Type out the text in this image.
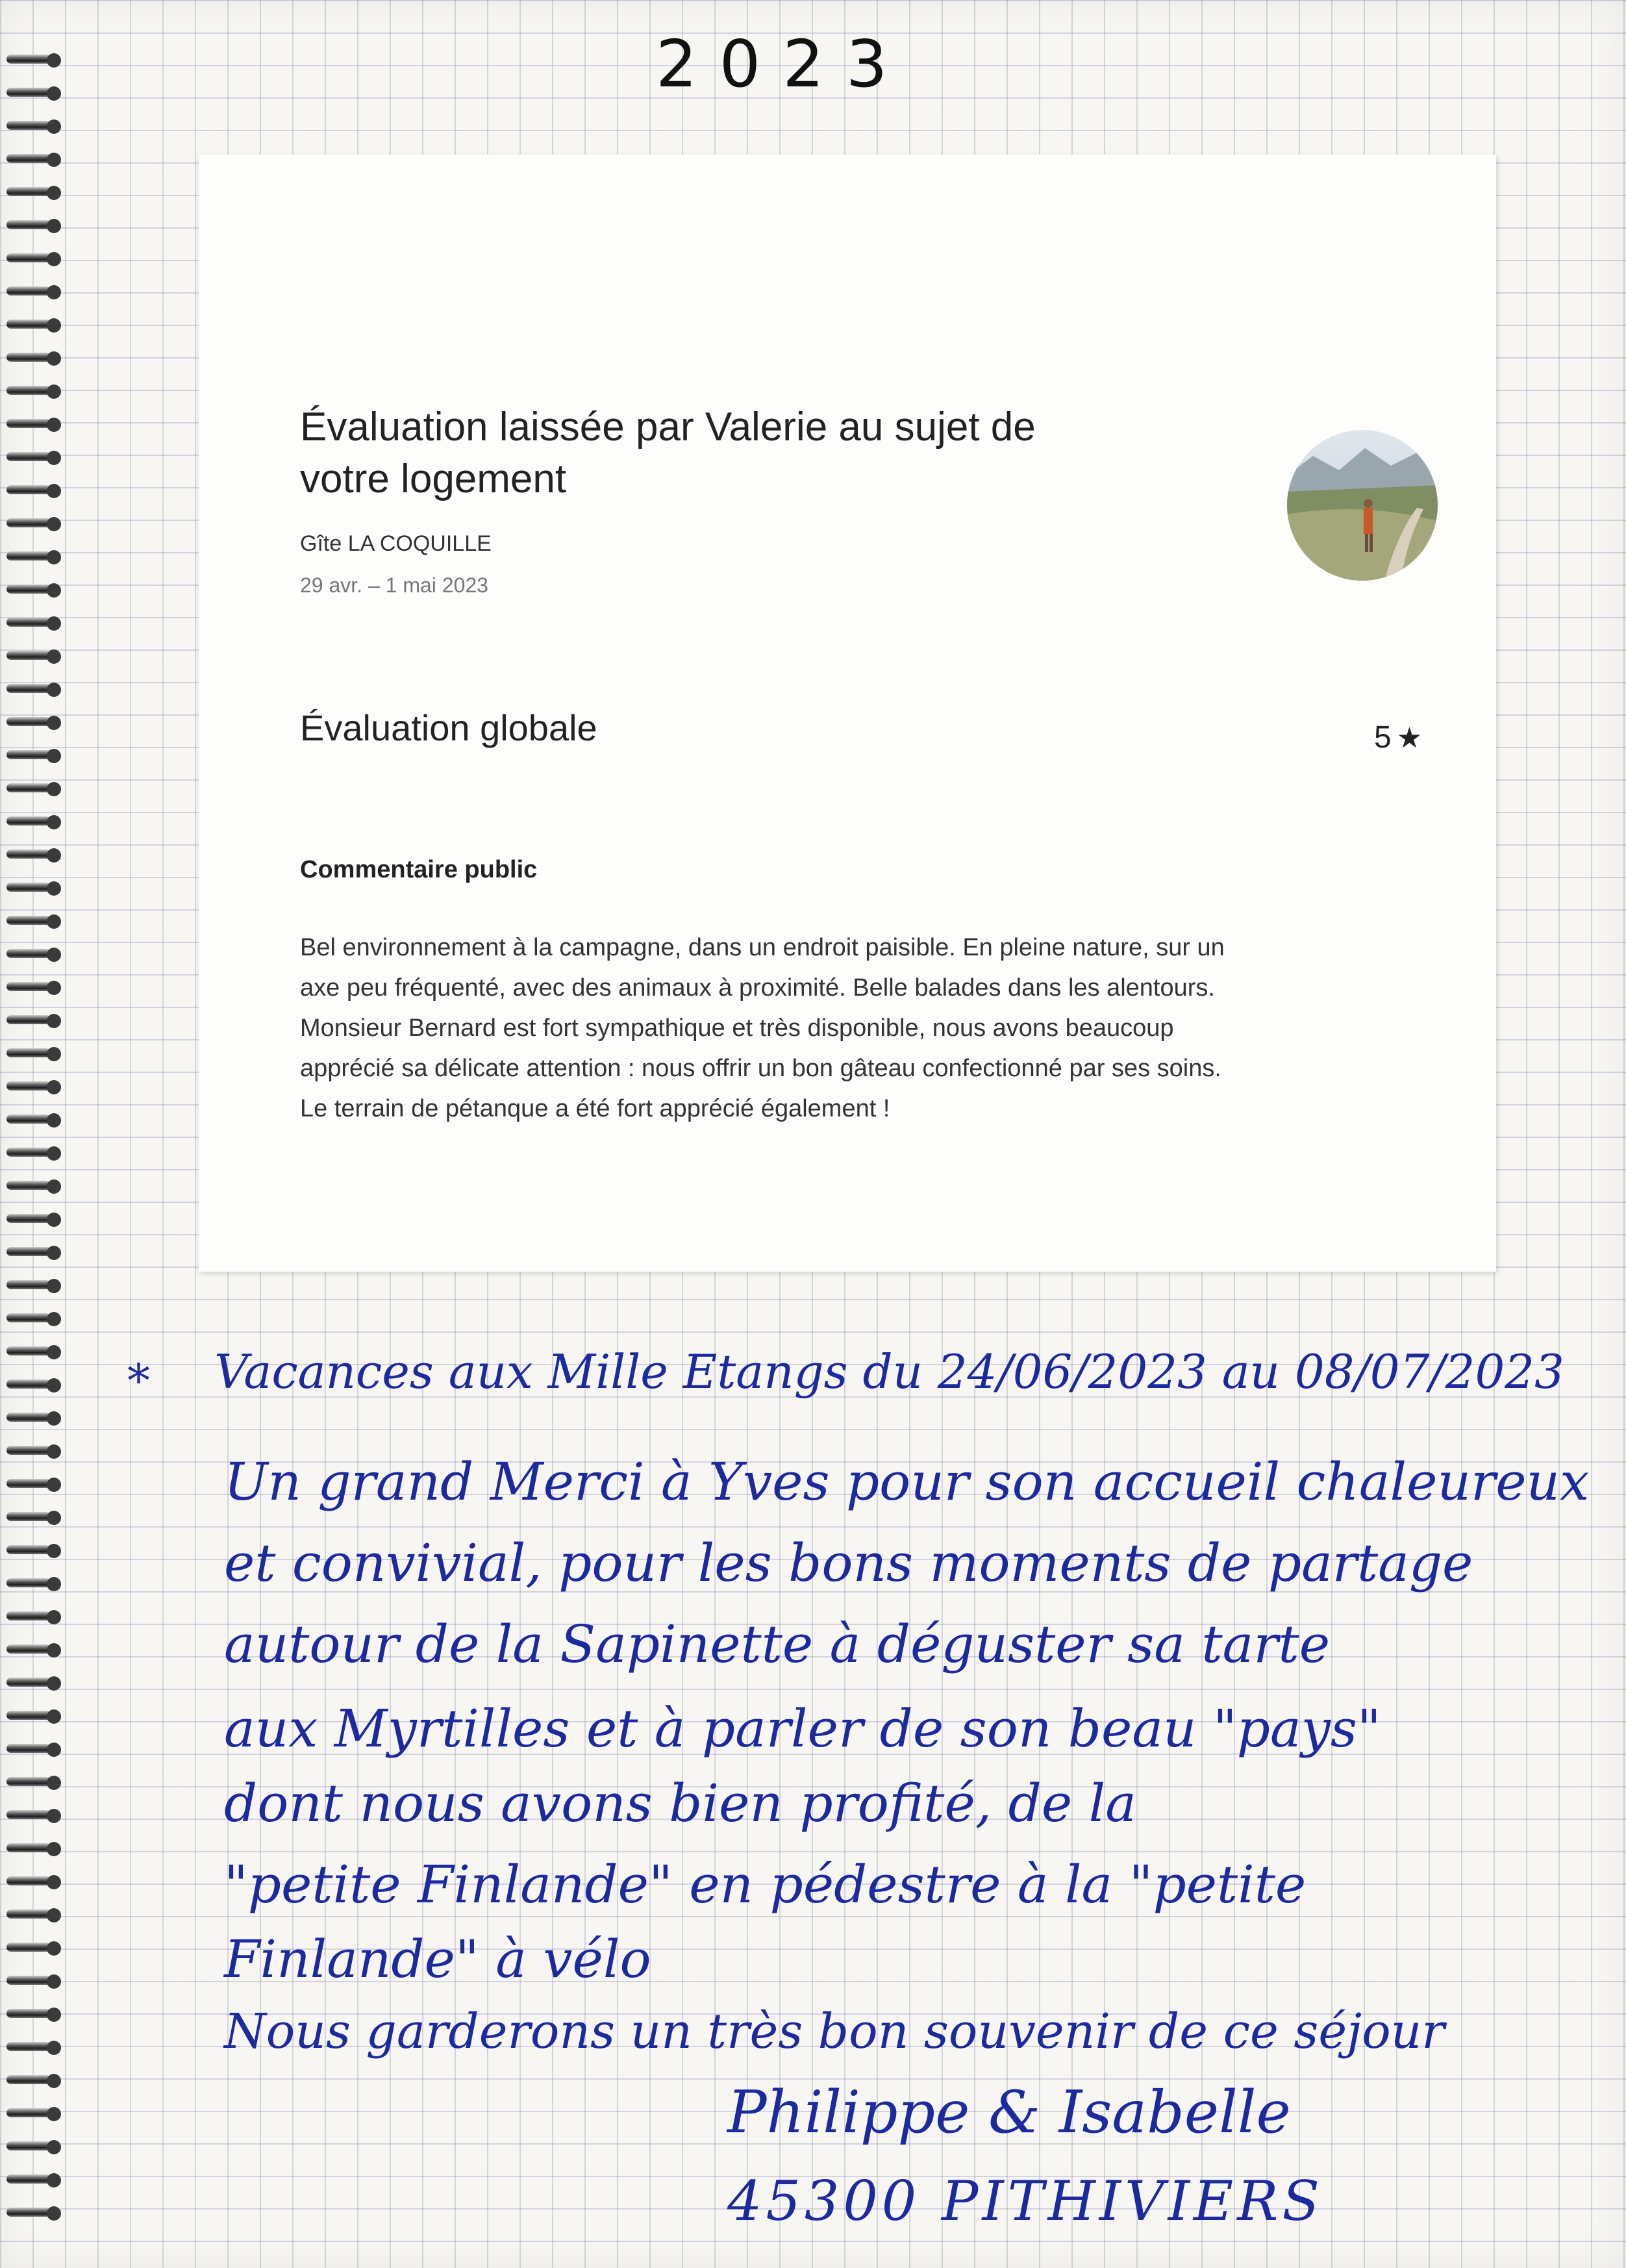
2023
Évaluation laissée par Valerie au sujet de
votre logement
Gîte LA COQUILLE
29 avr. – 1 mai 2023
Évaluation globale	5 ★
Commentaire public

Bel environnement à la campagne, dans un endroit paisible. En pleine nature, sur un

axe peu fréquenté, avec des animaux à proximité. Belle balades dans les alentours.

Monsieur Bernard est fort sympathique et très disponible, nous avons beaucoup

apprécié sa délicate attention : nous offrir un bon gâteau confectionné par ses soins.

Le terrain de pétanque a été fort apprécié également !

* Vacances aux Mille Etangs du 24/06/2023 au 08/07/2023
Un grand Merci à Yves pour son accueil chaleureux
et convivial, pour les bons moments de partage
autour de la Sapinette à déguster sa tarte
aux Myrtilles et à parler de son beau "pays"
dont nous avons bien profité, de la
"petite Finlande" en pédestre à la "petite
Finlande" à vélo
Nous garderons un très bon souvenir de ce séjour
Philippe & Isabelle
45300 PITHIVIERS
